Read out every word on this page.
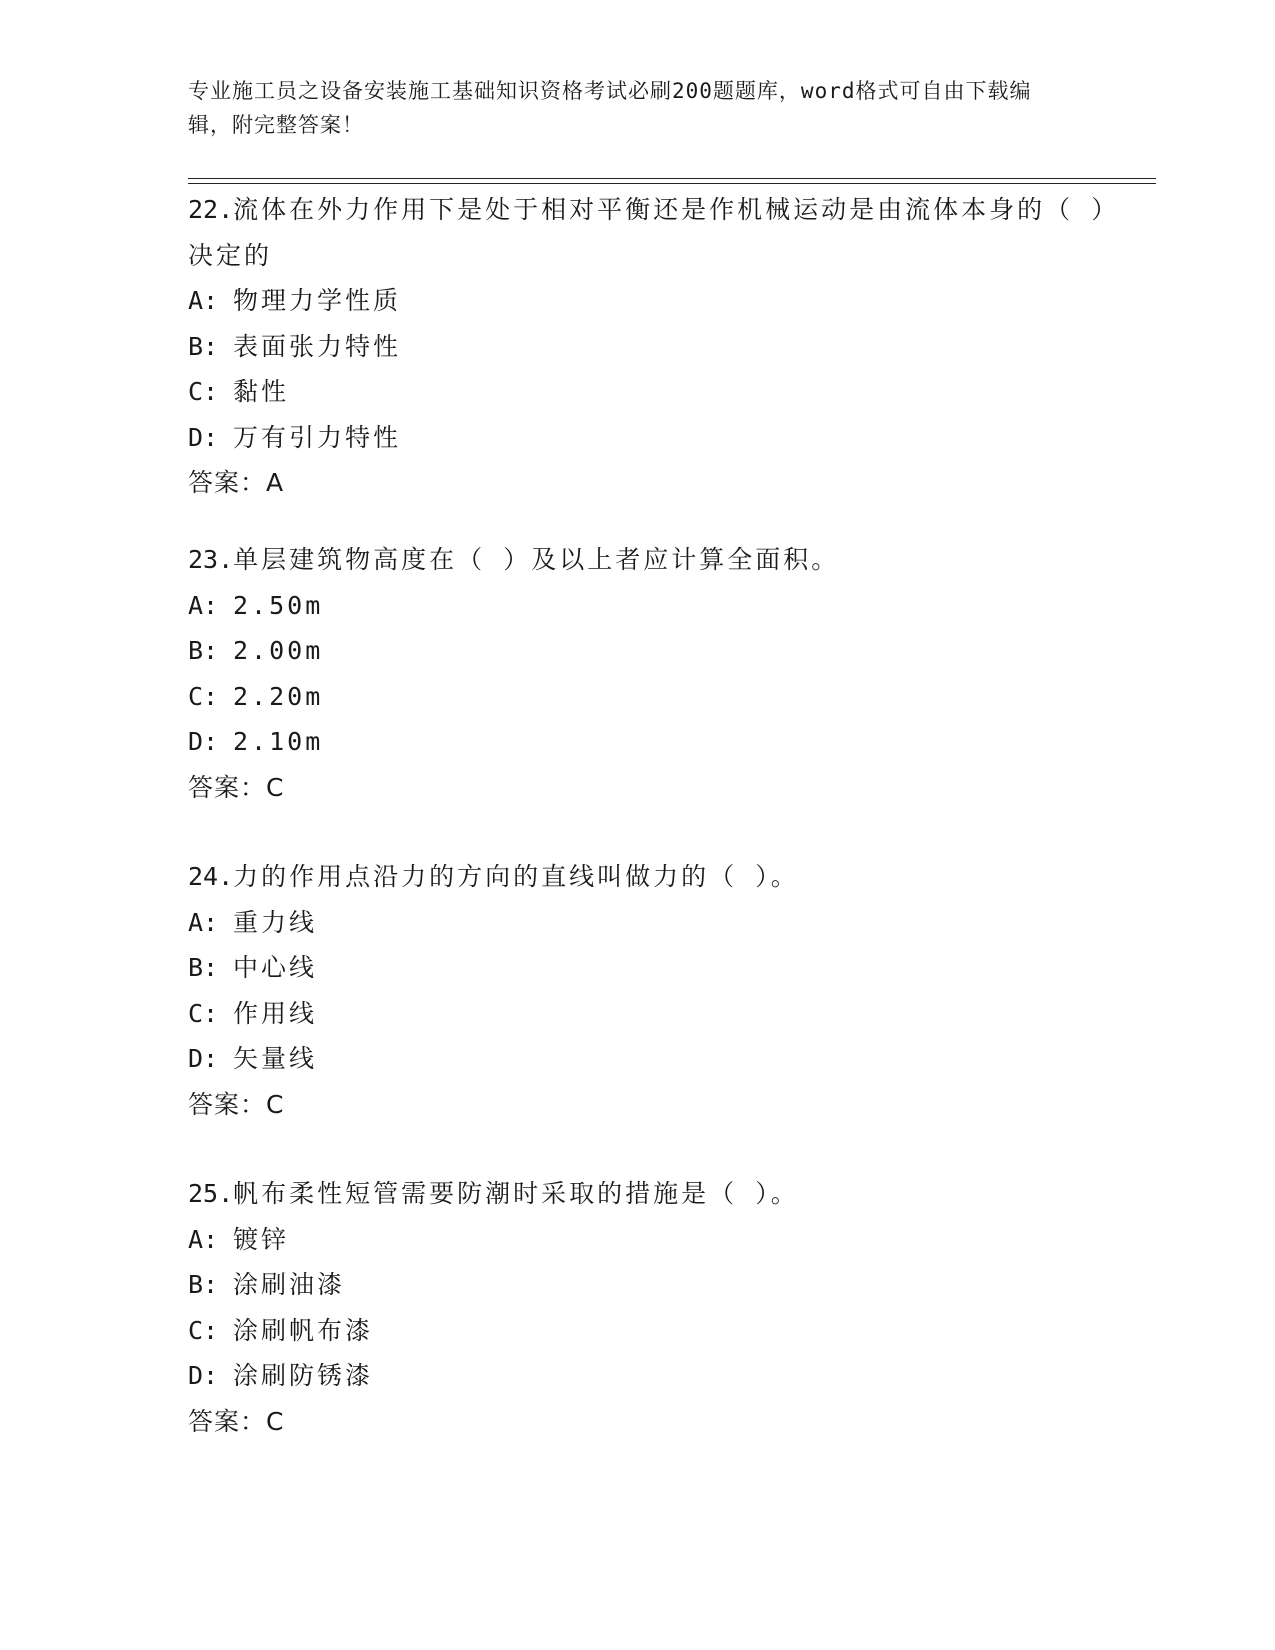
专业施工员之设备安装施工基础知识资格考试必刷200题题库，word格式可自由下载编辑，附完整答案！
22.流体在外力作用下是处于相对平衡还是作机械运动是由流体本身的（ ）决定的
A: 物理力学性质
B: 表面张力特性
C: 黏性
D: 万有引力特性
答案：A
23.单层建筑物高度在（ ）及以上者应计算全面积。
A: 2.50m
B: 2.00m
C: 2.20m
D: 2.10m
答案：C
24.力的作用点沿力的方向的直线叫做力的（ ）。
A: 重力线
B: 中心线
C: 作用线
D: 矢量线
答案：C
25.帆布柔性短管需要防潮时采取的措施是（ ）。
A: 镀锌
B: 涂刷油漆
C: 涂刷帆布漆
D: 涂刷防锈漆
答案：C
